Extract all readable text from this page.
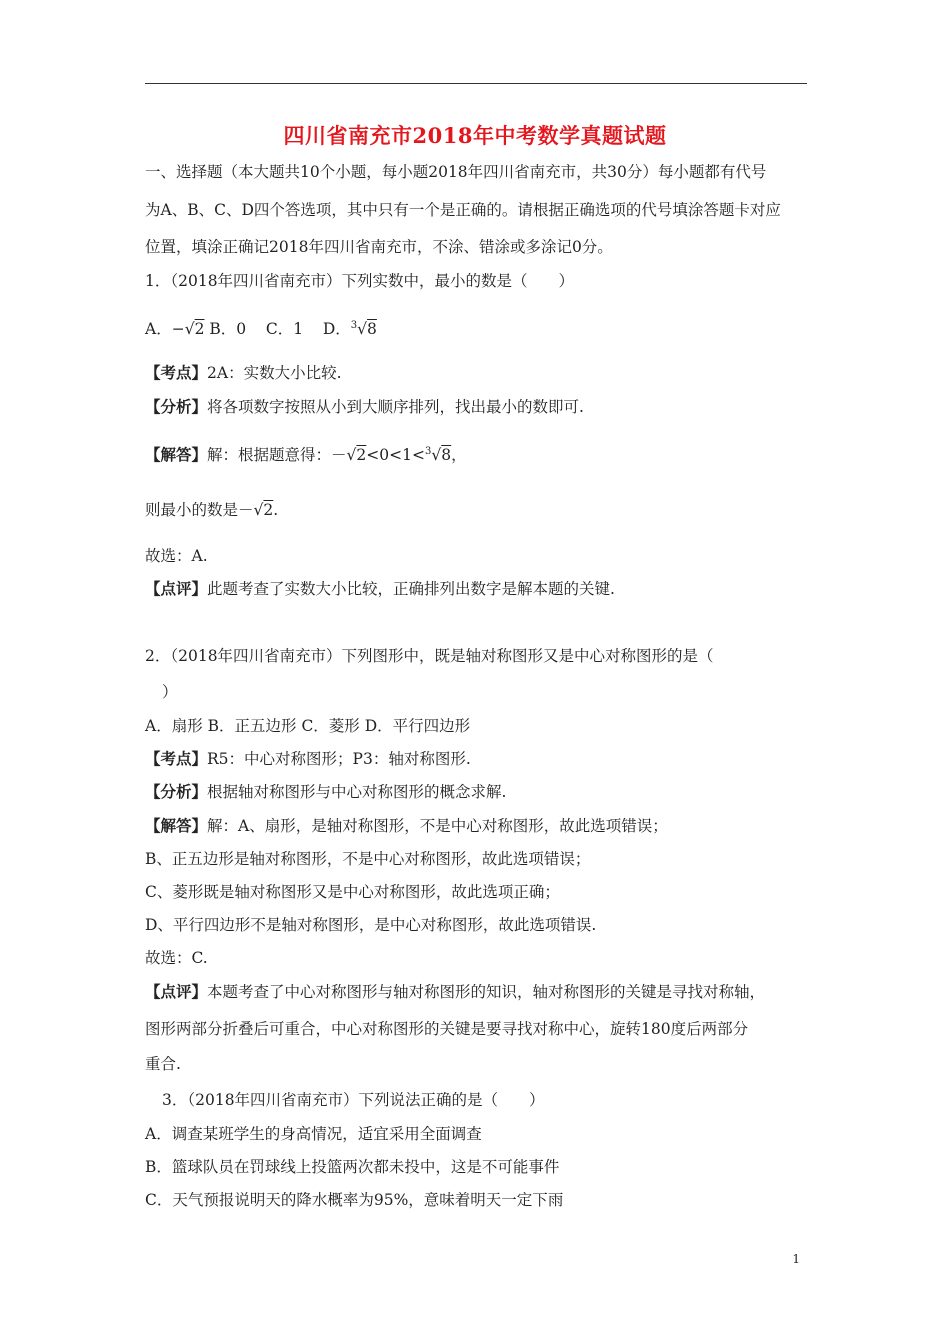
四川省南充市2018年中考数学真题试题
一、选择题（本大题共10个小题，每小题2018年四川省南充市，共30分）每小题都有代号
为A、B、C、D四个答选项，其中只有一个是正确的。请根据正确选项的代号填涂答题卡对应
位置，填涂正确记2018年四川省南充市，不涂、错涂或多涂记0分。
1．（2018年四川省南充市）下列实数中，最小的数是（　　）
A．−√2 B．0 C．1 D．$^3$√8
【考点】2A：实数大小比较.
【分析】将各项数字按照从小到大顺序排列，找出最小的数即可.
【解答】解：根据题意得：－√2<0<1<$^3$√8，
则最小的数是－√2.
故选：A.
【点评】此题考查了实数大小比较，正确排列出数字是解本题的关键.
2．（2018年四川省南充市）下列图形中，既是轴对称图形又是中心对称图形的是（
）
A．扇形 B．正五边形 C．菱形 D．平行四边形
【考点】R5：中心对称图形；P3：轴对称图形.
【分析】根据轴对称图形与中心对称图形的概念求解.
【解答】解：A、扇形，是轴对称图形，不是中心对称图形，故此选项错误；
B、正五边形是轴对称图形，不是中心对称图形，故此选项错误；
C、菱形既是轴对称图形又是中心对称图形，故此选项正确；
D、平行四边形不是轴对称图形，是中心对称图形，故此选项错误.
故选：C.
【点评】本题考查了中心对称图形与轴对称图形的知识，轴对称图形的关键是寻找对称轴，
图形两部分折叠后可重合，中心对称图形的关键是要寻找对称中心，旋转180度后两部分
重合.
3．（2018年四川省南充市）下列说法正确的是（　　）
A．调查某班学生的身高情况，适宜采用全面调查
B．篮球队员在罚球线上投篮两次都未投中，这是不可能事件
C．天气预报说明天的降水概率为95%，意味着明天一定下雨
1
